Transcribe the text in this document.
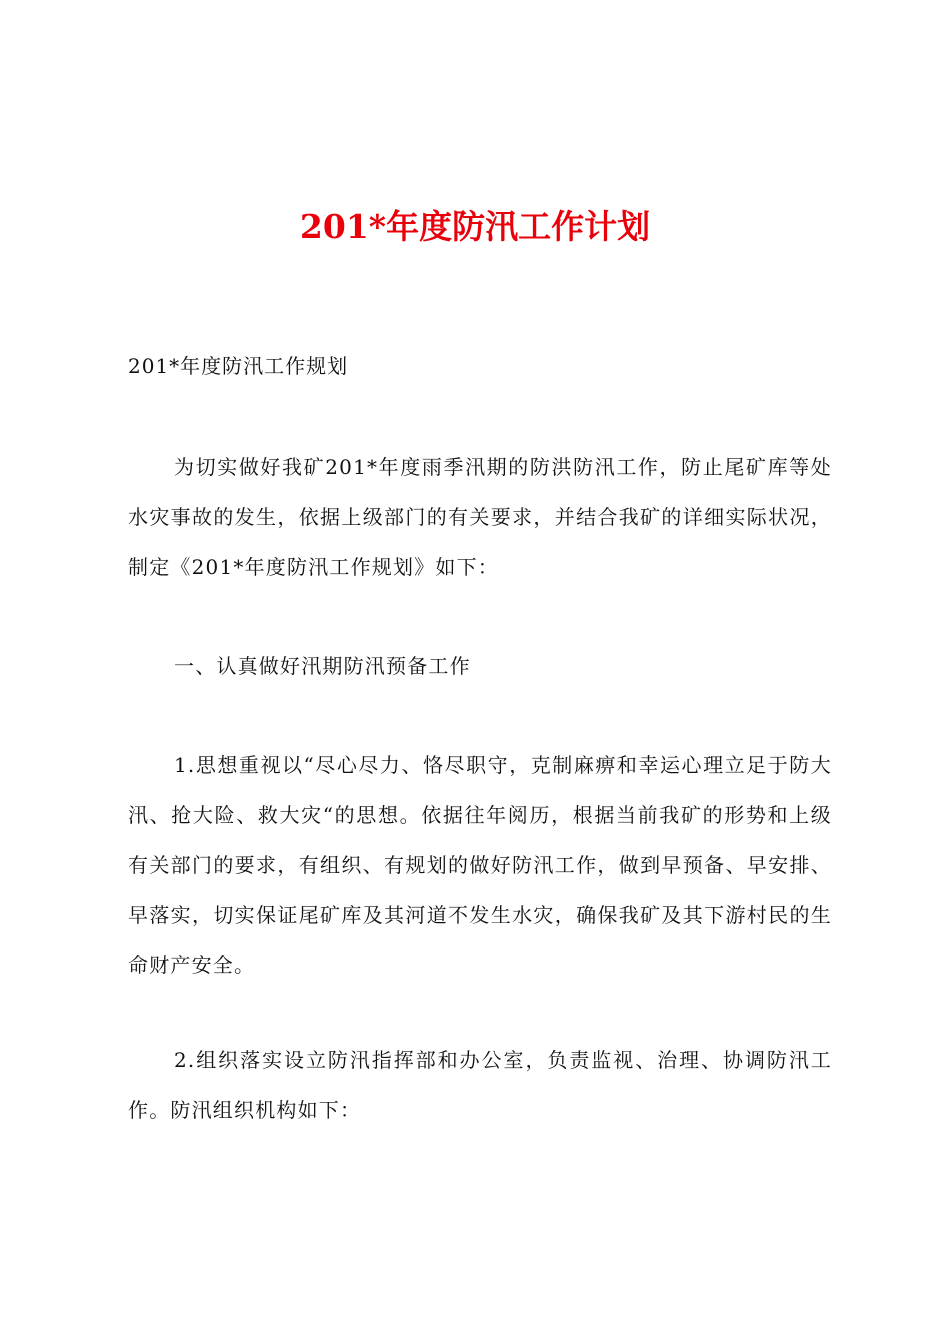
201*年度防汛工作计划
201*年度防汛工作规划

为切实做好我矿201*年度雨季汛期的防洪防汛工作，防止尾矿库等处水灾事故的发生，依据上级部门的有关要求，并结合我矿的详细实际状况，制定《201*年度防汛工作规划》如下：

一、认真做好汛期防汛预备工作

1.思想重视以“尽心尽力、恪尽职守，克制麻痹和幸运心理立足于防大汛、抢大险、救大灾“的思想。依据往年阅历，根据当前我矿的形势和上级有关部门的要求，有组织、有规划的做好防汛工作，做到早预备、早安排、早落实，切实保证尾矿库及其河道不发生水灾，确保我矿及其下游村民的生命财产安全。

2.组织落实设立防汛指挥部和办公室，负责监视、治理、协调防汛工作。防汛组织机构如下：
